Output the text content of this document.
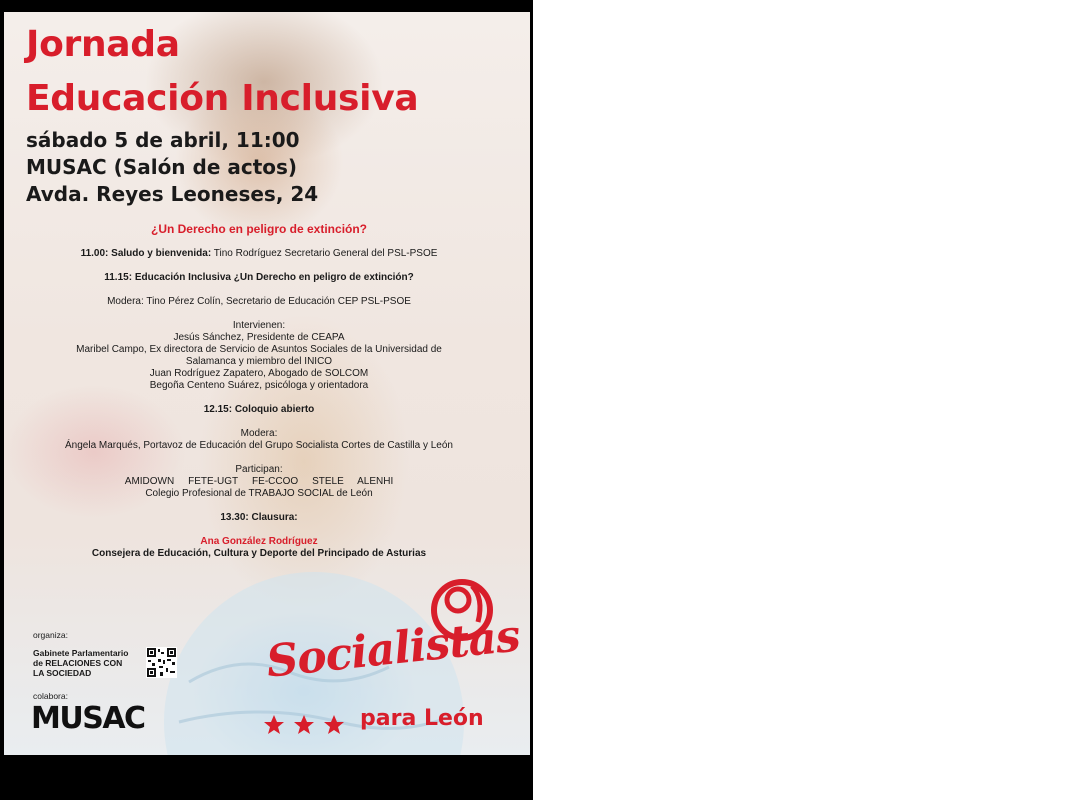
Jornada
Educación Inclusiva
sábado 5 de abril, 11:00
MUSAC (Salón de actos)
Avda. Reyes Leoneses, 24
¿Un Derecho en peligro de extinción?
11.00: Saludo y bienvenida: Tino Rodríguez Secretario General del PSL-PSOE
11.15: Educación Inclusiva ¿Un Derecho en peligro de extinción?
Modera: Tino Pérez Colín, Secretario de Educación CEP PSL-PSOE
Intervienen:
Jesús Sánchez, Presidente de CEAPA
Maribel Campo, Ex directora de Servicio de Asuntos Sociales de la Universidad de
Salamanca y miembro del INICO
Juan Rodríguez Zapatero, Abogado de SOLCOM
Begoña Centeno Suárez, psicóloga y orientadora
12.15: Coloquio abierto
Modera:
Ángela Marqués, Portavoz de Educación del Grupo Socialista Cortes de Castilla y León
Participan:
AMIDOWN FETE-UGT FE-CCOO STELE ALENHI
Colegio Profesional de TRABAJO SOCIAL de León
13.30: Clausura:
Ana González Rodríguez
Consejera de Educación, Cultura y Deporte del Principado de Asturias
organiza:
Gabinete Parlamentario
de RELACIONES CON
LA SOCIEDAD
colabora:
MUSAC
Socialistas
para León
